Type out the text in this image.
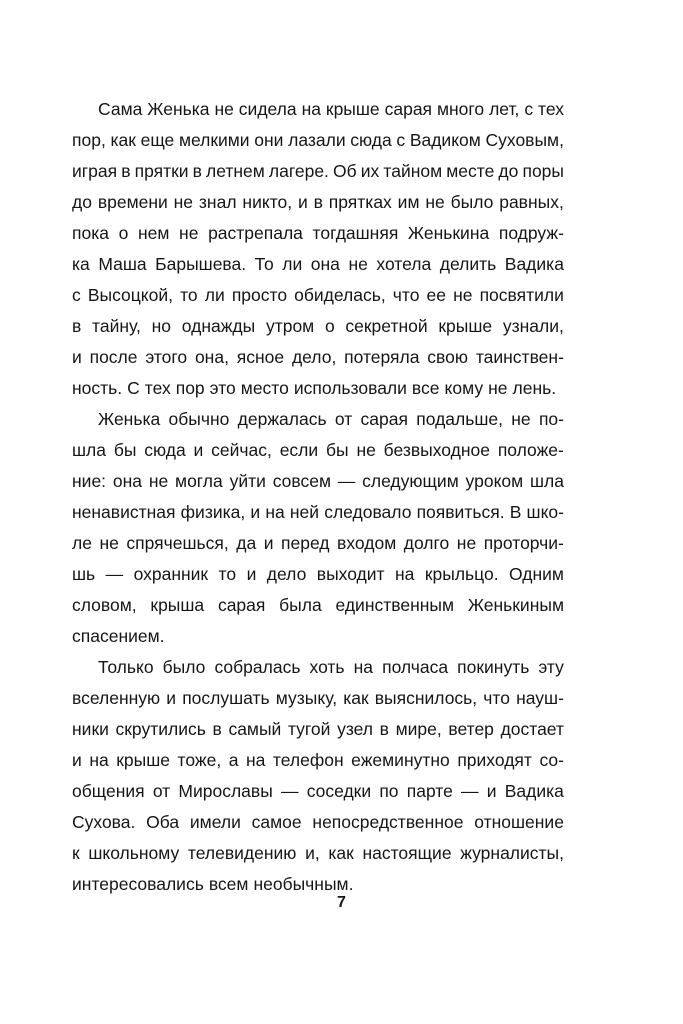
Сама Женька не сидела на крыше сарая много лет, с тех
пор, как еще мелкими они лазали сюда с Вадиком Суховым,
играя в прятки в летнем лагере. Об их тайном месте до поры
до времени не знал никто, и в прятках им не было равных,
пока о нем не растрепала тогдашняя Женькина подруж-
ка Маша Барышева. То ли она не хотела делить Вадика
с Высоцкой, то ли просто обиделась, что ее не посвятили
в тайну, но однажды утром о секретной крыше узнали,
и после этого она, ясное дело, потеряла свою таинствен-
ность. С тех пор это место использовали все кому не лень.
Женька обычно держалась от сарая подальше, не по-
шла бы сюда и сейчас, если бы не безвыходное положе-
ние: она не могла уйти совсем — следующим уроком шла
ненавистная физика, и на ней следовало появиться. В шко-
ле не спрячешься, да и перед входом долго не проторчи-
шь — охранник то и дело выходит на крыльцо. Одним
словом, крыша сарая была единственным Женькиным
спасением.
Только было собралась хоть на полчаса покинуть эту
вселенную и послушать музыку, как выяснилось, что науш-
ники скрутились в самый тугой узел в мире, ветер достает
и на крыше тоже, а на телефон ежеминутно приходят со-
общения от Мирославы — соседки по парте — и Вадика
Сухова. Оба имели самое непосредственное отношение
к школьному телевидению и, как настоящие журналисты,
интересовались всем необычным.
7
